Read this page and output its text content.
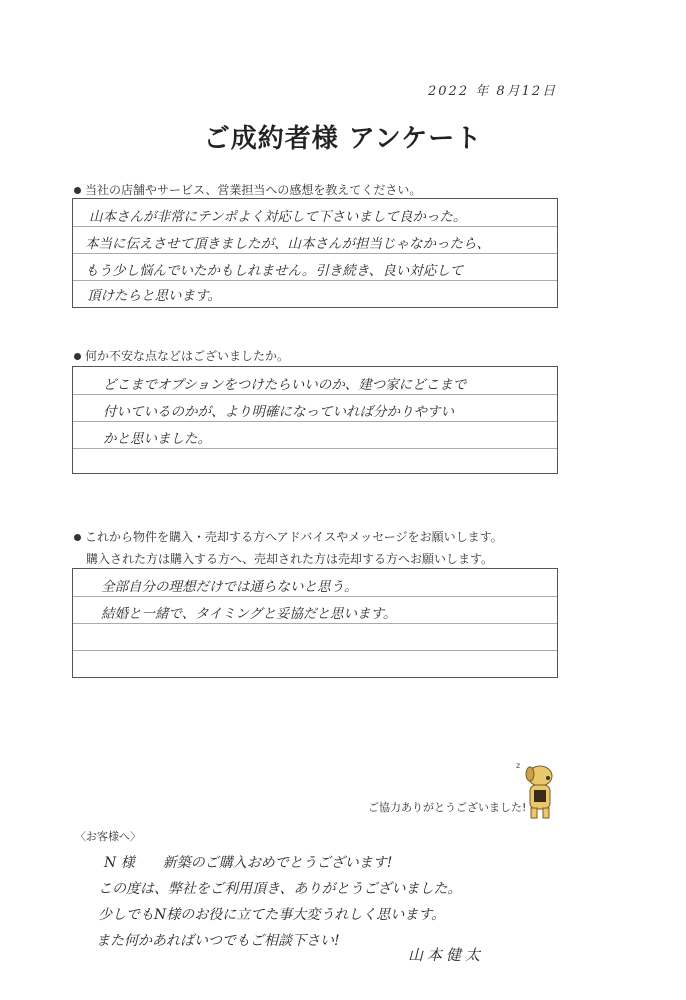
2022 年 8月12日
ご成約者様 アンケート
当社の店舗やサービス、営業担当への感想を教えてください。
山本さんが非常にテンポよく対応して下さいまして良かった。
本当に伝えさせて頂きましたが、山本さんが担当じゃなかったら、
もう少し悩んでいたかもしれません。引き続き、良い対応して
頂けたらと思います。
何か不安な点などはございましたか。
どこまでオプションをつけたらいいのか、建つ家にどこまで
付いているのかが、より明確になっていれば分かりやすい
かと思いました。
これから物件を購入・売却する方へアドバイスやメッセージをお願いします。
購入された方は購入する方へ、売却された方は売却する方へお願いします。
全部自分の理想だけでは通らないと思う。
結婚と一緒で、タイミングと妥協だと思います。
ご協力ありがとうございました!
z
〈お客様へ〉
N 様　　新築のご購入おめでとうございます!
この度は、弊社をご利用頂き、ありがとうございました。
少しでもN様のお役に立てた事大変うれしく思います。
また何かあればいつでもご相談下さい!
山本健太
